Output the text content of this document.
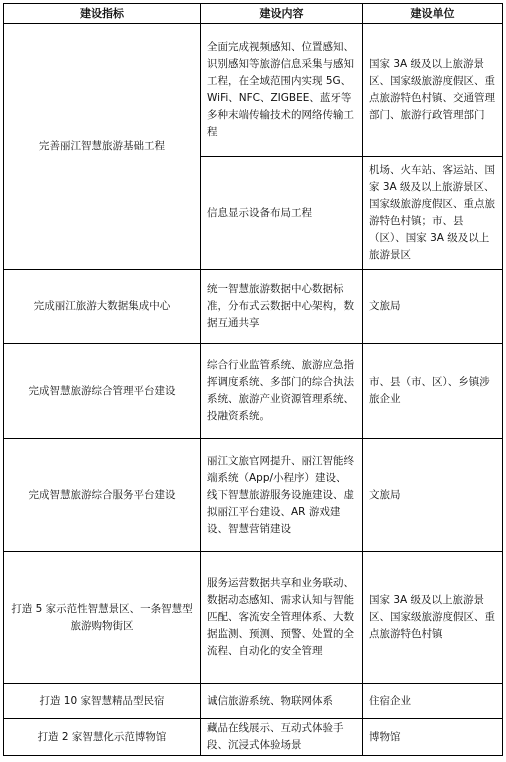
建设指标	建设内容	建设单位
完善丽江智慧旅游基础工程	全面完成视频感知、位置感知、识别感知等旅游信息采集与感知工程，在全域范围内实现 5G、WiFi、NFC、ZIGBEE、蓝牙等多种末端传输技术的网络传输工程	国家 3A 级及以上旅游景区、国家级旅游度假区、重点旅游特色村镇、交通管理部门、旅游行政管理部门
	信息显示设备布局工程	机场、火车站、客运站、国家 3A 级及以上旅游景区、国家级旅游度假区、重点旅游特色村镇；市、县（区）、国家 3A 级及以上旅游景区
完成丽江旅游大数据集成中心	统一智慧旅游数据中心数据标准，分布式云数据中心架构，数据互通共享	文旅局
完成智慧旅游综合管理平台建设	综合行业监管系统、旅游应急指挥调度系统、多部门的综合执法系统、旅游产业资源管理系统、投融资系统。	市、县（市、区）、乡镇涉旅企业
完成智慧旅游综合服务平台建设	丽江文旅官网提升、丽江智能终端系统（App/小程序）建设、线下智慧旅游服务设施建设、虚拟丽江平台建设、AR 游戏建设、智慧营销建设	文旅局
打造 5 家示范性智慧景区、一条智慧型旅游购物街区	服务运营数据共享和业务联动、数据动态感知、需求认知与智能匹配、客流安全管理体系、大数据监测、预测、预警、处置的全流程、自动化的安全管理	国家 3A 级及以上旅游景区、国家级旅游度假区、重点旅游特色村镇
打造 10 家智慧精品型民宿	诚信旅游系统、物联网体系	住宿企业
打造 2 家智慧化示范博物馆	藏品在线展示、互动式体验手段、沉浸式体验场景	博物馆
